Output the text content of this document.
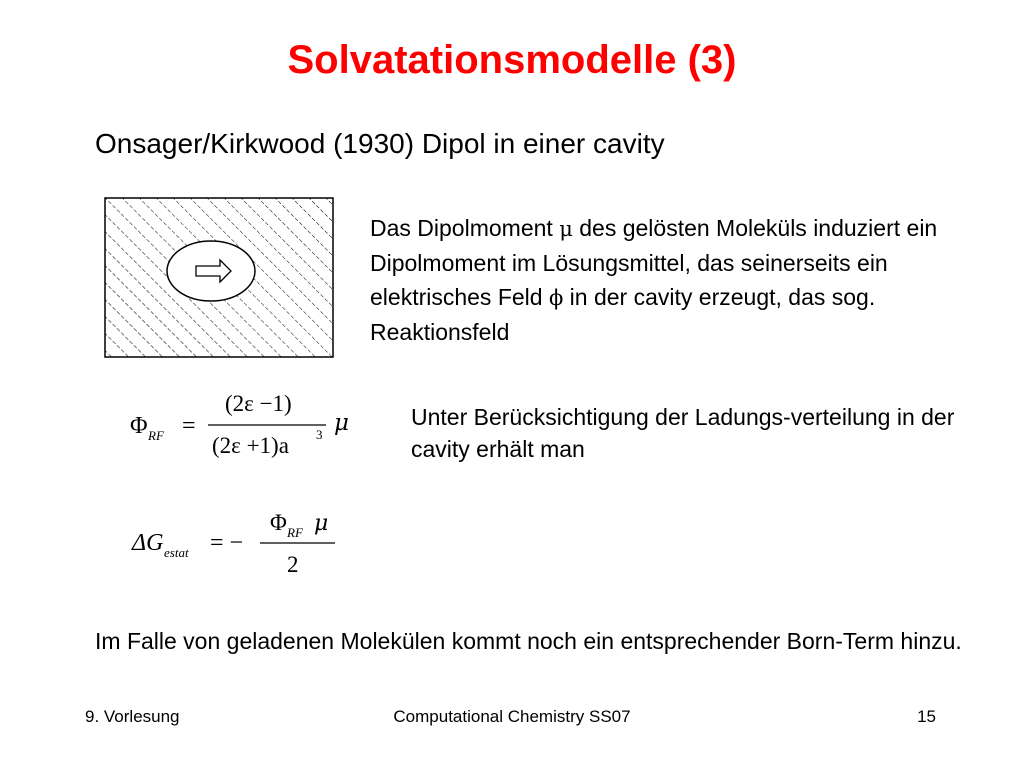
Solvatationsmodelle (3)
Onsager/Kirkwood (1930) Dipol in einer cavity
Das Dipolmoment μ des gelösten Moleküls induziert ein Dipolmoment im Lösungsmittel, das seinerseits ein elektrisches Feld ϕ in der cavity erzeugt, das sog. Reaktionsfeld
Φ RF =
(2ε −1)
(2ε +1)a 3 μ
ΔG estat = −
Φ RF μ
2
Unter Berücksichtigung der Ladungs-verteilung in der cavity erhält man
Im Falle von geladenen Molekülen kommt noch ein entsprechender Born-Term hinzu.
9. Vorlesung	Computational Chemistry SS07	15
